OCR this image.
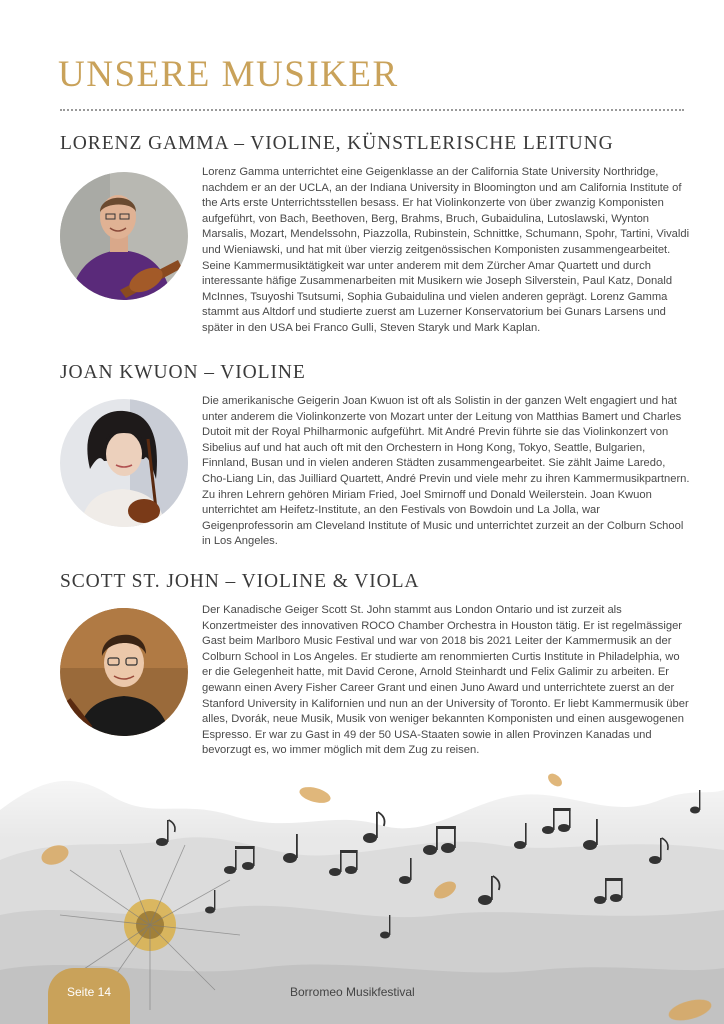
UNSERE MUSIKER
LORENZ GAMMA – VIOLINE, KÜNSTLERISCHE LEITUNG

Lorenz Gamma unterrichtet eine Geigenklasse an der California State University Northridge, nachdem er an der UCLA, an der Indiana University in Bloomington und am California Institute of the Arts erste Unterrichtsstellen besass. Er hat Violinkonzerte von über zwanzig Komponisten aufgeführt, von Bach, Beethoven, Berg, Brahms, Bruch, Gubaidulina, Lutoslawski, Wynton Marsalis, Mozart, Mendelssohn, Piazzolla, Rubinstein, Schnittke, Schumann, Spohr, Tartini, Vivaldi und Wieniawski, und hat mit über vierzig zeitgenössischen Komponisten zusammengearbeitet. Seine Kammermusiktätigkeit war unter anderem mit dem Zürcher Amar Quartett und durch interessante häfige Zusammenarbeiten mit Musikern wie Joseph Silverstein, Paul Katz, Donald McInnes, Tsuyoshi Tsutsumi, Sophia Gubaidulina und vielen anderen geprägt. Lorenz Gamma stammt aus Altdorf und studierte zuerst am Luzerner Konservatorium bei Gunars Larsens und später in den USA bei Franco Gulli, Steven Staryk und Mark Kaplan.

JOAN KWUON – VIOLINE

Die amerikanische Geigerin Joan Kwuon ist oft als Solistin in der ganzen Welt engagiert und hat unter anderem die Violinkonzerte von Mozart unter der Leitung von Matthias Bamert und Charles Dutoit mit der Royal Philharmonic aufgeführt. Mit André Previn führte sie das Violinkonzert von Sibelius auf und hat auch oft mit den Orchestern in Hong Kong, Tokyo, Seattle, Bulgarien, Finnland, Busan und in vielen anderen Städten zusammengearbeitet. Sie zählt Jaime Laredo, Cho-Liang Lin, das Juilliard Quartett, André Previn und viele mehr zu ihren Kammermusikpartnern. Zu ihren Lehrern gehören Miriam Fried, Joel Smirnoff und Donald Weilerstein. Joan Kwuon unterrichtet am Heifetz-Institute, an den Festivals von Bowdoin und La Jolla, war Geigenprofessorin am Cleveland Institute of Music und unterrichtet zurzeit an der Colburn School in Los Angeles.

SCOTT ST. JOHN – VIOLINE & VIOLA

Der Kanadische Geiger Scott St. John stammt aus London Ontario und ist zurzeit als Konzertmeister des innovativen ROCO Chamber Orchestra in Houston tätig. Er ist regelmässiger Gast beim Marlboro Music Festival und war von 2018 bis 2021 Leiter der Kammermusik an der Colburn School in Los Angeles. Er studierte am renommierten Curtis Institute in Philadelphia, wo er die Gelegenheit hatte, mit David Cerone, Arnold Steinhardt und Felix Galimir zu arbeiten. Er gewann einen Avery Fisher Career Grant und einen Juno Award und unterrichtete zuerst an der Stanford University in Kalifornien und nun an der University of Toronto. Er liebt Kammermusik über alles, Dvorák, neue Musik, Musik von weniger bekannten Komponisten und einen ausgewogenen Espresso. Er war zu Gast in 49 der 50 USA-Staaten sowie in allen Provinzen Kanadas und bevorzugt es, wo immer möglich mit dem Zug zu reisen.

Seite 14	Borromeo Musikfestival
